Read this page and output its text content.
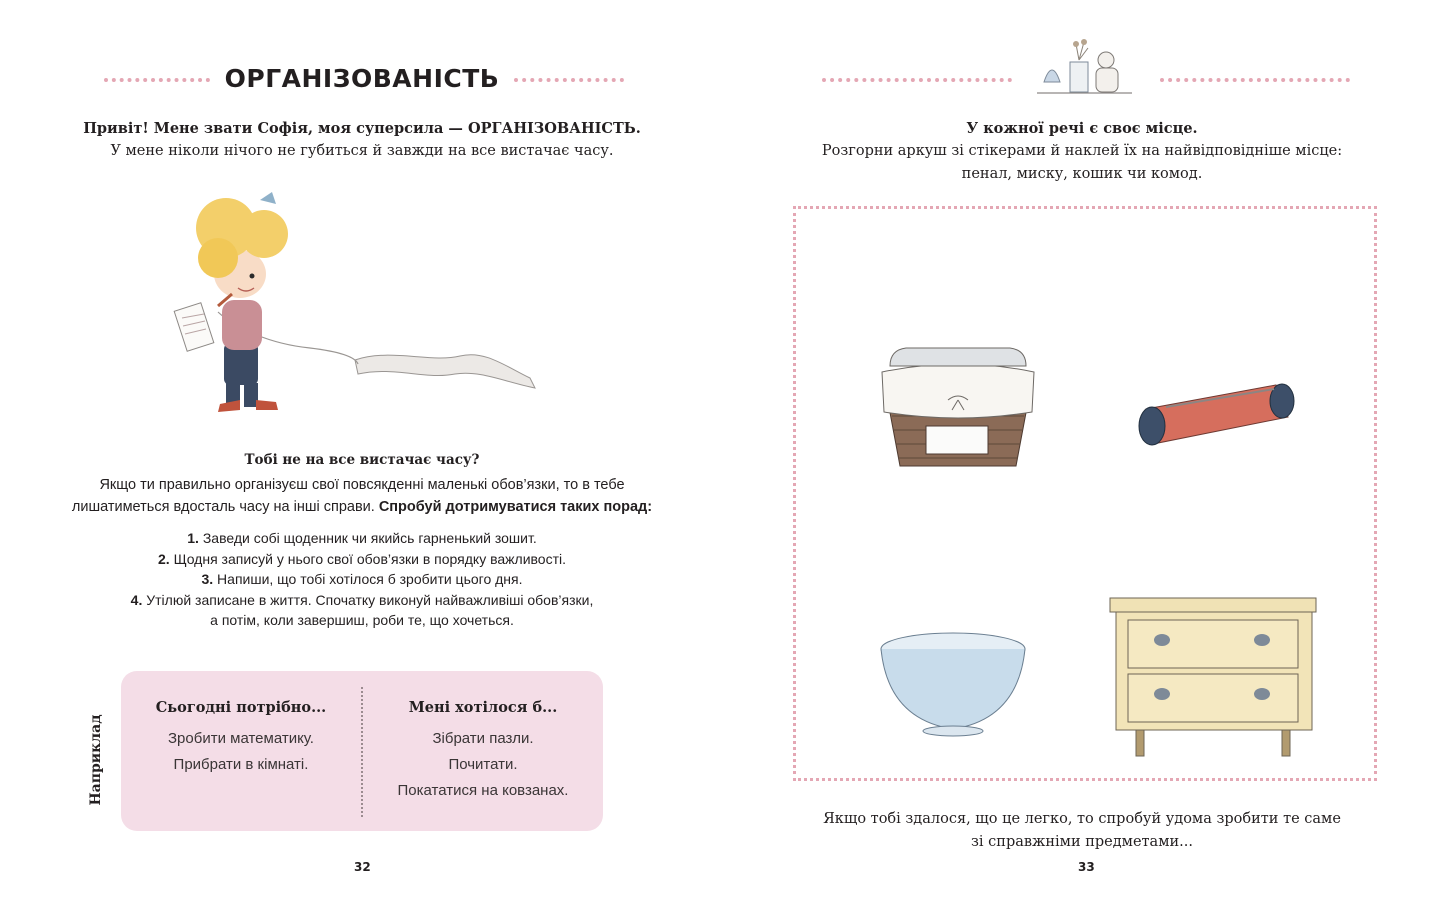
ОРГАНІЗОВАНІСТЬ
Привіт! Мене звати Софія, моя суперсила — ОРГАНІЗОВАНІСТЬ.
У мене ніколи нічого не губиться й завжди на все вистачає часу.
Тобі не на все вистачає часу?
Якщо ти правильно організуєш свої повсякденні маленькі обов’язки, то в тебе
лишатиметься вдосталь часу на інші справи. Спробуй дотримуватися таких порад:
1. Заведи собі щоденник чи якийсь гарненький зошит.
2. Щодня записуй у нього свої обов’язки в порядку важливості.
3. Напиши, що тобі хотілося б зробити цього дня.
4. Утілюй записане в життя. Спочатку виконуй найважливіші обов’язки,
а потім, коли завершиш, роби те, що хочеться.
Наприклад
Сьогодні потрібно...
Зробити математику.
Прибрати в кімнаті.
Мені хотілося б...
Зібрати пазли.
Почитати.
Покататися на ковзанах.
32
У кожної речі є своє місце.
Розгорни аркуш зі стікерами й наклей їх на найвідповідніше місце:
пенал, миску, кошик чи комод.
Якщо тобі здалося, що це легко, то спробуй удома зробити те саме
зі справжніми предметами...
33
